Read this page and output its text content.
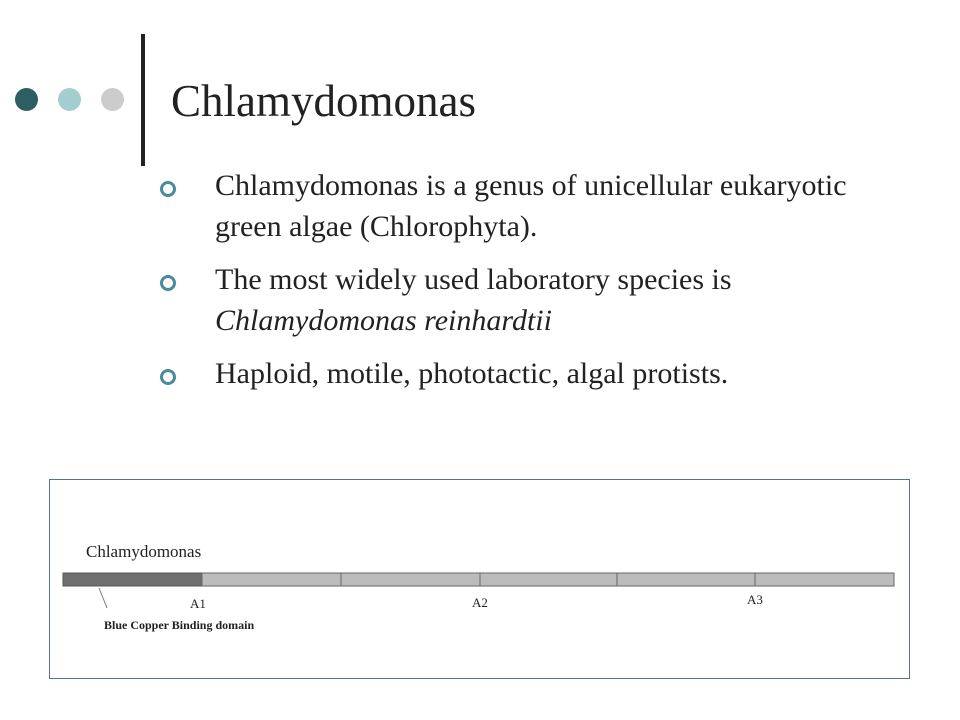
Chlamydomonas
Chlamydomonas is a genus of unicellular eukaryotic green algae (Chlorophyta).
The most widely used laboratory species is Chlamydomonas reinhardtii
Haploid, motile, phototactic, algal protists.
Chlamydomonas
A1	A2	A3
Blue Copper Binding domain
